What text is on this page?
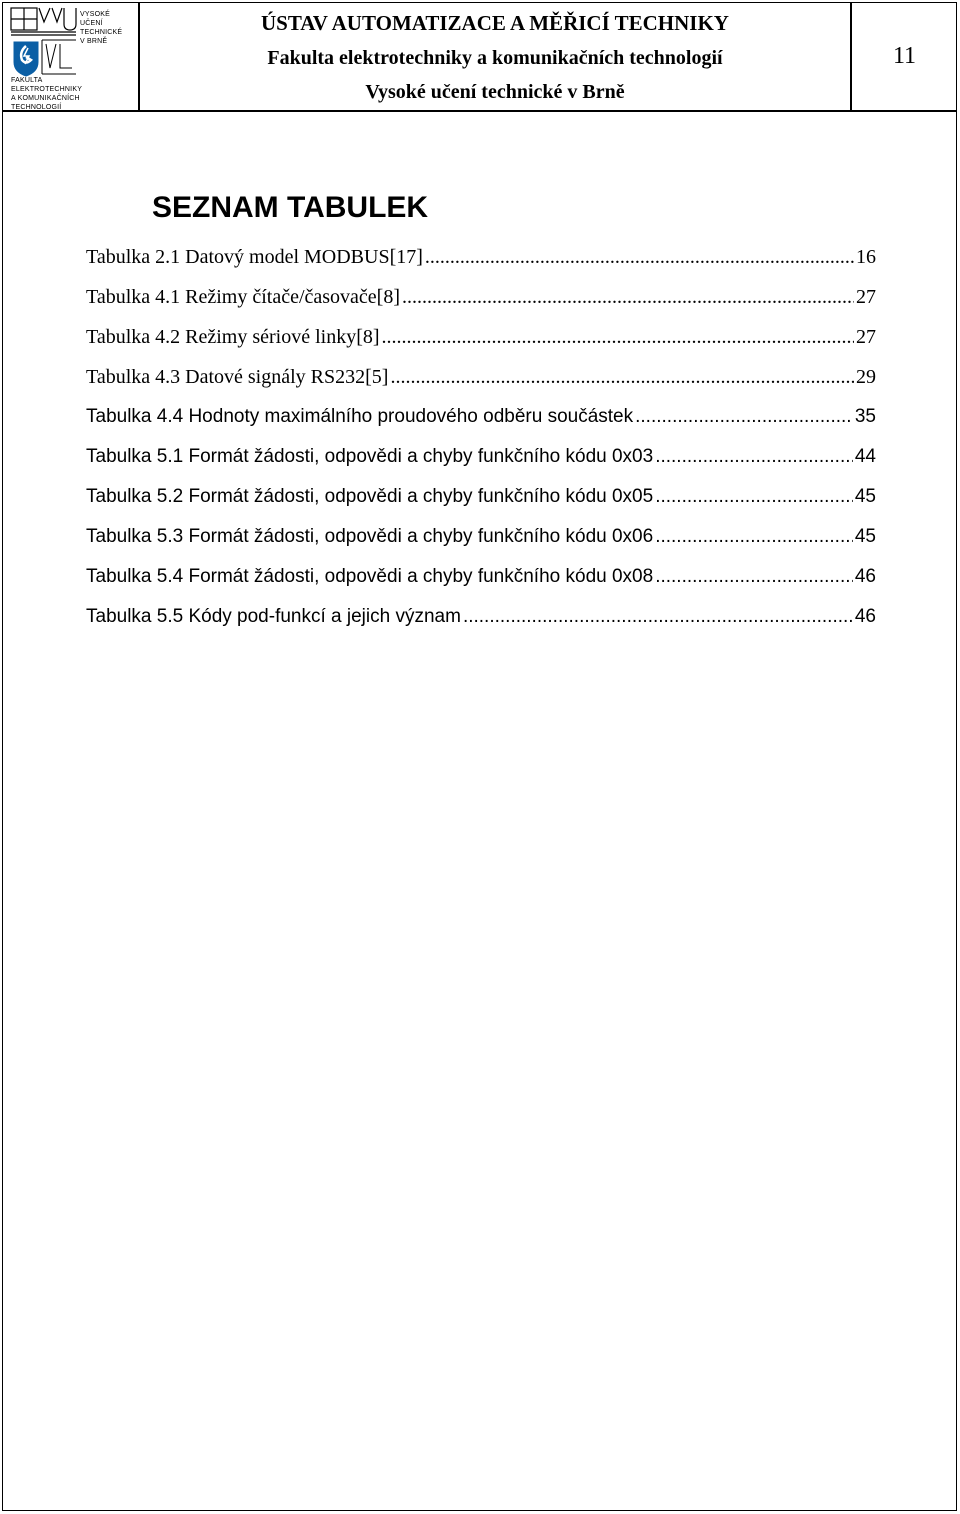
VYSOKÉ
UČENÍ
TECHNICKÉ
V BRNĚ
FAKULTA
ELEKTROTECHNIKY
A KOMUNIKAČNÍCH
TECHNOLOGIÍ
ÚSTAV AUTOMATIZACE A MĚŘICÍ TECHNIKY
Fakulta elektrotechniky a komunikačních technologií
Vysoké učení technické v Brně
11
SEZNAM TABULEK
Tabulka 2.1 Datový model MODBUS[17] .....	16
Tabulka 4.1 Režimy čítače/časovače[8] .....	27
Tabulka 4.2 Režimy sériové linky[8] .....	27
Tabulka 4.3 Datové signály RS232[5] .....	29
Tabulka 4.4 Hodnoty maximálního proudového odběru součástek .....	35
Tabulka 5.1 Formát žádosti, odpovědi a chyby funkčního kódu 0x03 .....	44
Tabulka 5.2 Formát žádosti, odpovědi a chyby funkčního kódu 0x05 .....	45
Tabulka 5.3 Formát žádosti, odpovědi a chyby funkčního kódu 0x06 .....	45
Tabulka 5.4 Formát žádosti, odpovědi a chyby funkčního kódu 0x08 .....	46
Tabulka 5.5 Kódy pod-funkcí a jejich význam .....	46
